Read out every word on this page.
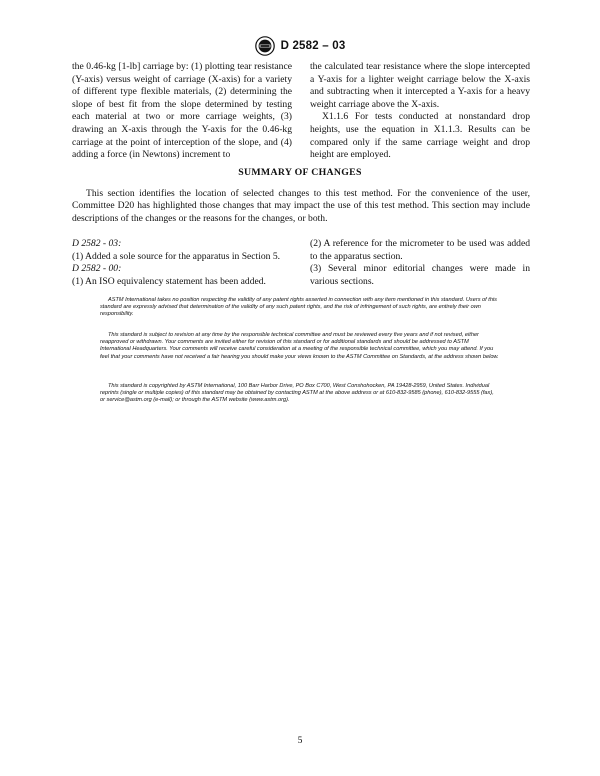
D 2582 – 03

the 0.46-kg [1-lb] carriage by: (1) plotting tear resistance (Y-axis) versus weight of carriage (X-axis) for a variety of different type flexible materials, (2) determining the slope of best fit from the slope determined by testing each material at two or more carriage weights, (3) drawing an X-axis through the Y-axis for the 0.46-kg carriage at the point of interception of the slope, and (4) adding a force (in Newtons) increment to

the calculated tear resistance where the slope intercepted a Y-axis for a lighter weight carriage below the X-axis and subtracting when it intercepted a Y-axis for a heavy weight carriage above the X-axis.

X1.1.6 For tests conducted at nonstandard drop heights, use the equation in X1.1.3. Results can be compared only if the same carriage weight and drop height are employed.

SUMMARY OF CHANGES

This section identifies the location of selected changes to this test method. For the convenience of the user, Committee D20 has highlighted those changes that may impact the use of this test method. This section may include descriptions of the changes or the reasons for the changes, or both.

D 2582 - 03:

(1) Added a sole source for the apparatus in Section 5.

D 2582 - 00:

(1) An ISO equivalency statement has been added.

(2) A reference for the micrometer to be used was added to the apparatus section.

(3) Several minor editorial changes were made in various sections.

ASTM International takes no position respecting the validity of any patent rights asserted in connection with any item mentioned in this standard. Users of this standard are expressly advised that determination of the validity of any such patent rights, and the risk of infringement of such rights, are entirely their own responsibility.

This standard is subject to revision at any time by the responsible technical committee and must be reviewed every five years and if not revised, either reapproved or withdrawn. Your comments are invited either for revision of this standard or for additional standards and should be addressed to ASTM International Headquarters. Your comments will receive careful consideration at a meeting of the responsible technical committee, which you may attend. If you feel that your comments have not received a fair hearing you should make your views known to the ASTM Committee on Standards, at the address shown below.

This standard is copyrighted by ASTM International, 100 Barr Harbor Drive, PO Box C700, West Conshohocken, PA 19428-2959, United States. Individual reprints (single or multiple copies) of this standard may be obtained by contacting ASTM at the above address or at 610-832-9585 (phone), 610-832-9555 (fax), or service@astm.org (e-mail); or through the ASTM website (www.astm.org).

5
